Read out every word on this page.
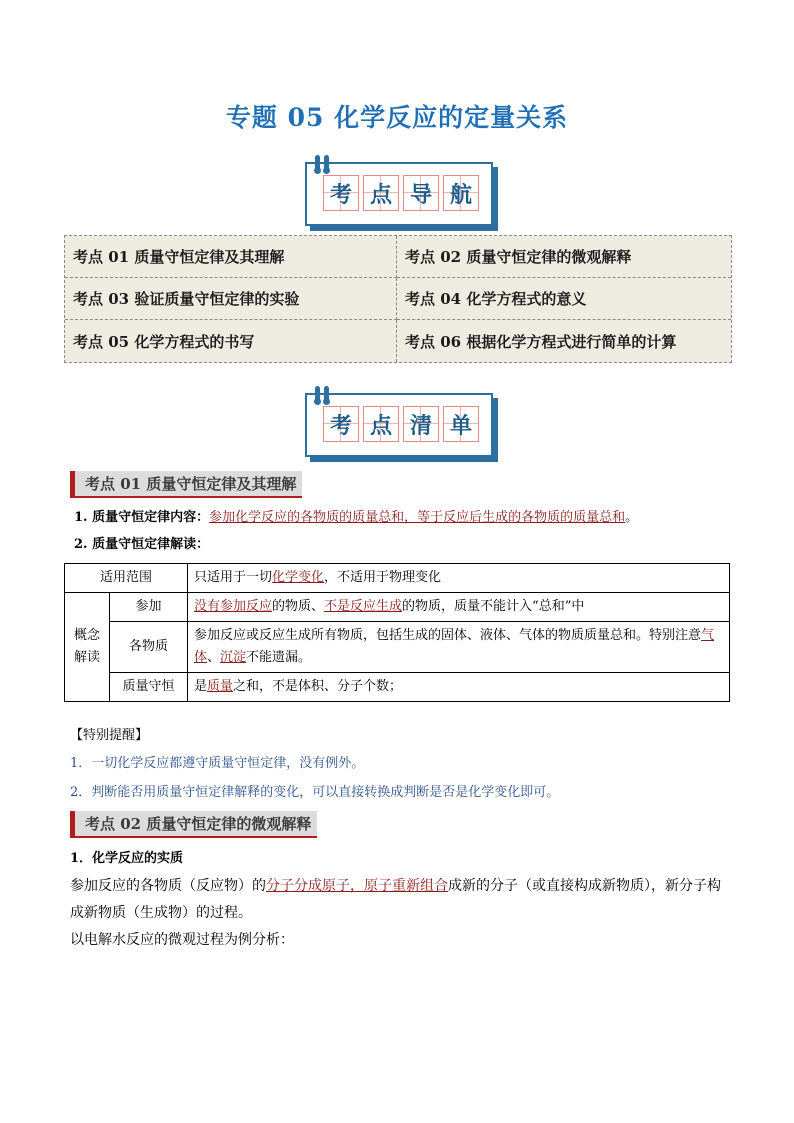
专题 05 化学反应的定量关系
考 点 导 航
考点 01 质量守恒定律及其理解	考点 02 质量守恒定律的微观解释
考点 03 验证质量守恒定律的实验	考点 04 化学方程式的意义
考点 05 化学方程式的书写	考点 06 根据化学方程式进行简单的计算
考 点 清 单
考点 01 质量守恒定律及其理解
1. 质量守恒定律内容：参加化学反应的各物质的质量总和，等于反应后生成的各物质的质量总和。
2. 质量守恒定律解读：
适用范围		只适用于一切化学变化，不适用于物理变化
概念解读	参加	没有参加反应的物质、不是反应生成的物质，质量不能计入“总和”中
	各物质	参加反应或反应生成所有物质，包括生成的固体、液体、气体的物质质量总和。特别注意气体、沉淀不能遗漏。
	质量守恒	是质量之和，不是体积、分子个数；
【特别提醒】
1．一切化学反应都遵守质量守恒定律，没有例外。
2．判断能否用质量守恒定律解释的变化，可以直接转换成判断是否是化学变化即可。
考点 02 质量守恒定律的微观解释
1．化学反应的实质
参加反应的各物质（反应物）的分子分成原子，原子重新组合成新的分子（或直接构成新物质），新分子构
成新物质（生成物）的过程。
以电解水反应的微观过程为例分析：
